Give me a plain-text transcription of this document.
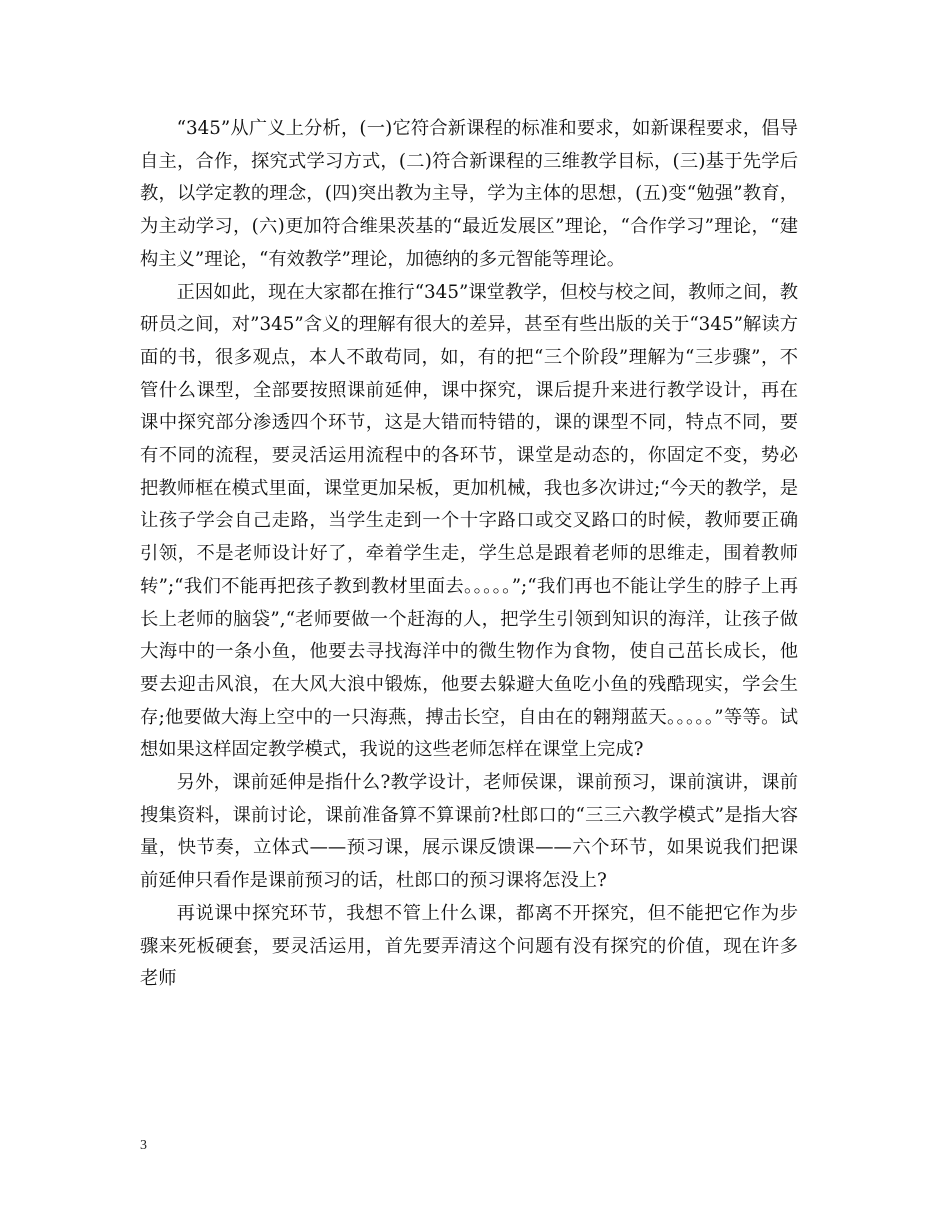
“345”从广义上分析，(一)它符合新课程的标准和要求，如新课程要求，倡导自主，合作，探究式学习方式，(二)符合新课程的三维教学目标，(三)基于先学后教，以学定教的理念，(四)突出教为主导，学为主体的思想，(五)变“勉强”教育，为主动学习，(六)更加符合维果茨基的“最近发展区”理论，“合作学习”理论，“建构主义”理论，“有效教学”理论，加德纳的多元智能等理论。

正因如此，现在大家都在推行“345”课堂教学，但校与校之间，教师之间，教研员之间，对”345”含义的理解有很大的差异，甚至有些出版的关于“345”解读方面的书，很多观点，本人不敢苟同，如，有的把“三个阶段”理解为“三步骤”，不管什么课型，全部要按照课前延伸，课中探究，课后提升来进行教学设计，再在课中探究部分渗透四个环节，这是大错而特错的，课的课型不同，特点不同，要有不同的流程，要灵活运用流程中的各环节，课堂是动态的，你固定不变，势必把教师框在模式里面，课堂更加呆板，更加机械，我也多次讲过;“今天的教学，是让孩子学会自己走路，当学生走到一个十字路口或交叉路口的时候，教师要正确引领，不是老师设计好了，牵着学生走，学生总是跟着老师的思维走，围着教师转”;“我们不能再把孩子教到教材里面去。。。。。”;“我们再也不能让学生的脖子上再长上老师的脑袋”,“老师要做一个赶海的人，把学生引领到知识的海洋，让孩子做大海中的一条小鱼，他要去寻找海洋中的微生物作为食物，使自己茁长成长，他要去迎击风浪，在大风大浪中锻炼，他要去躲避大鱼吃小鱼的残酷现实，学会生存;他要做大海上空中的一只海燕，搏击长空，自由在的翱翔蓝天。。。。。”等等。试想如果这样固定教学模式，我说的这些老师怎样在课堂上完成?

另外，课前延伸是指什么?教学设计，老师侯课，课前预习，课前演讲，课前搜集资料，课前讨论，课前准备算不算课前?杜郎口的“三三六教学模式”是指大容量，快节奏，立体式——预习课，展示课反馈课——六个环节，如果说我们把课前延伸只看作是课前预习的话，杜郎口的预习课将怎没上?

再说课中探究环节，我想不管上什么课，都离不开探究，但不能把它作为步骤来死板硬套，要灵活运用，首先要弄清这个问题有没有探究的价值，现在许多老师

3
